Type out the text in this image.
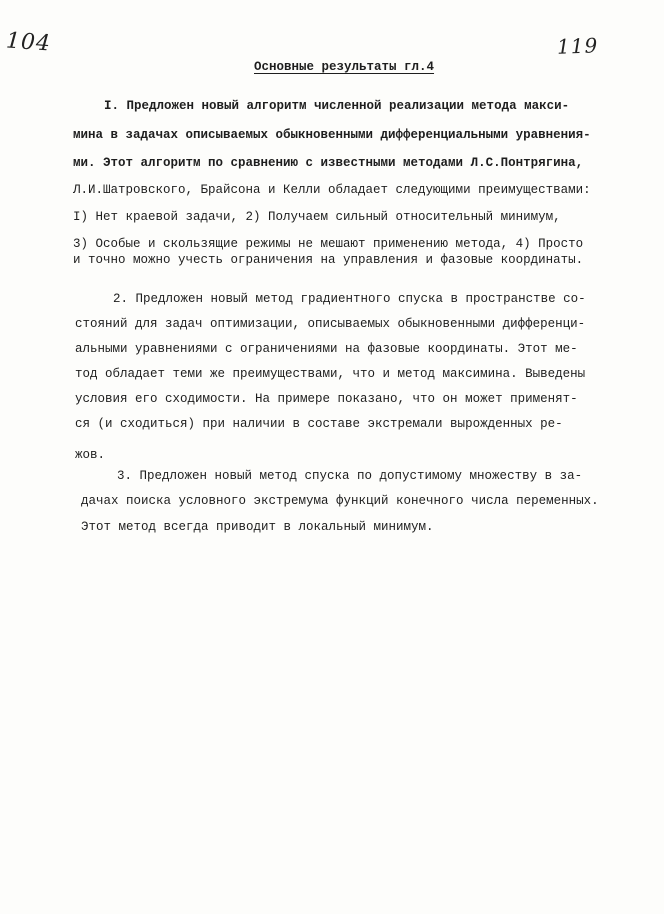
104	119
Основные результаты гл.4
I. Предложен новый алгоритм численной реализации метода макси-
мина в задачах описываемых обыкновенными дифференциальными уравнения-
ми. Этот алгоритм по сравнению с известными методами Л.С.Понтрягина,
Л.И.Шатровского, Брайсона и Келли обладает следующими преимуществами:
I) Нет краевой задачи, 2) Получаем сильный относительный минимум,
3) Особые и скользящие режимы не мешают применению метода, 4) Просто
и точно можно учесть ограничения на управления и фазовые координаты.
2. Предложен новый метод градиентного спуска в пространстве со-
стояний для задач оптимизации, описываемых обыкновенными дифференци-
альными уравнениями с ограничениями на фазовые координаты. Этот ме-
тод обладает теми же преимуществами, что и метод максимина. Выведены
условия его сходимости. На примере показано, что он может применят-
ся (и сходиться) при наличии в составе экстремали вырожденных ре-
жов.
3. Предложен новый метод спуска по допустимому множеству в за-
дачах поиска условного экстремума функций конечного числа переменных.
Этот метод всегда приводит в локальный минимум.
